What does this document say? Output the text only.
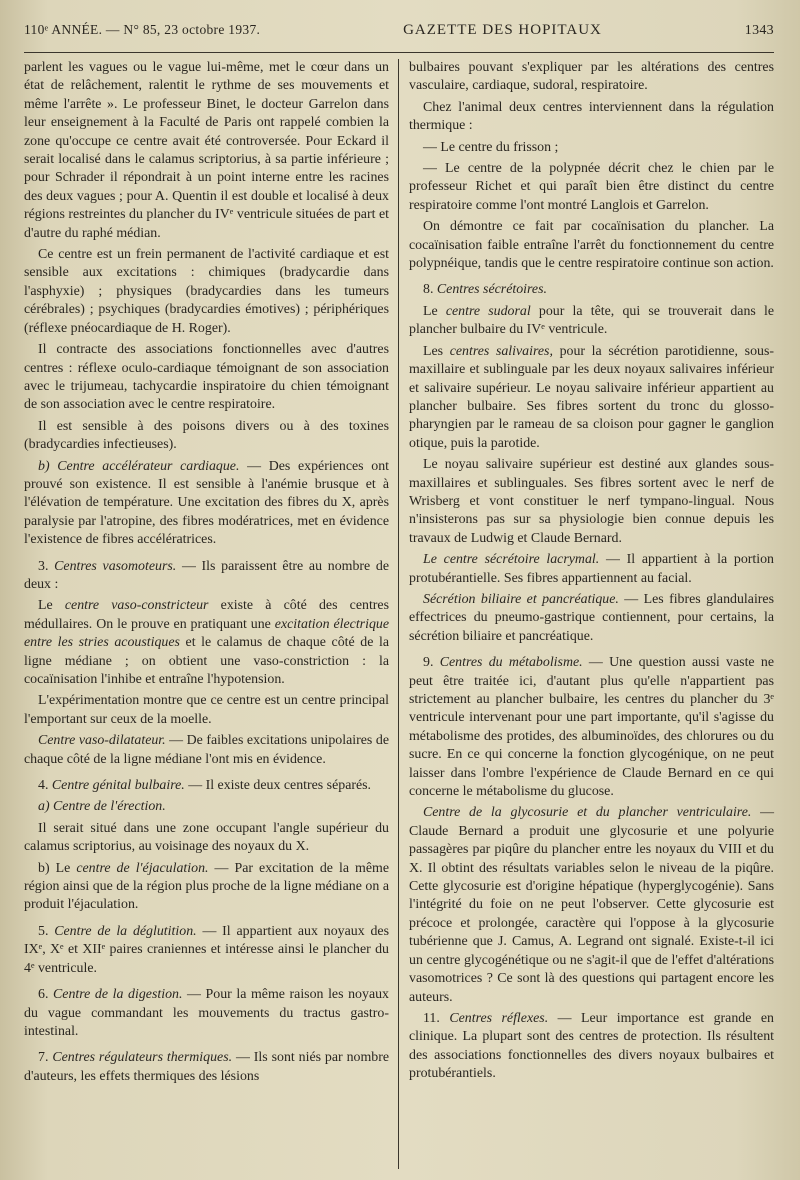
110ᵉ ANNÉE. — N° 85, 23 octobre 1937.	GAZETTE DES HOPITAUX	1343

parlent les vagues ou le vague lui-même, met le cœur dans un état de relâchement, ralentit le rythme de ses mouvements et même l'arrête ». Le professeur Binet, le docteur Garrelon dans leur enseignement à la Faculté de Paris ont rappelé combien la zone qu'occupe ce centre avait été controversée. Pour Eckard il serait localisé dans le calamus scriptorius, à sa partie inférieure ; pour Schrader il répondrait à un point interne entre les racines des deux vagues ; pour A. Quentin il est double et localisé à deux régions restreintes du plancher du IVᵉ ventricule situées de part et d'autre du raphé médian.

Ce centre est un frein permanent de l'activité cardiaque et est sensible aux excitations : chimiques (bradycardie dans l'asphyxie) ; physiques (bradycardies dans les tumeurs cérébrales) ; psychiques (bradycardies émotives) ; périphériques (réflexe pnéocardiaque de H. Roger).

Il contracte des associations fonctionnelles avec d'autres centres : réflexe oculo-cardiaque témoignant de son association avec le trijumeau, tachycardie inspiratoire du chien témoignant de son association avec le centre respiratoire.

Il est sensible à des poisons divers ou à des toxines (bradycardies infectieuses).

b) Centre accélérateur cardiaque. — Des expériences ont prouvé son existence. Il est sensible à l'anémie brusque et à l'élévation de température. Une excitation des fibres du X, après paralysie par l'atropine, des fibres modératrices, met en évidence l'existence de fibres accélératrices.

3. Centres vasomoteurs. — Ils paraissent être au nombre de deux :

Le centre vaso-constricteur existe à côté des centres médullaires. On le prouve en pratiquant une excitation électrique entre les stries acoustiques et le calamus de chaque côté de la ligne médiane ; on obtient une vaso-constriction : la cocaïnisation l'inhibe et entraîne l'hypotension.

L'expérimentation montre que ce centre est un centre principal l'emportant sur ceux de la moelle.

Centre vaso-dilatateur. — De faibles excitations unipolaires de chaque côté de la ligne médiane l'ont mis en évidence.

4. Centre génital bulbaire. — Il existe deux centres séparés.

a) Centre de l'érection.

Il serait situé dans une zone occupant l'angle supérieur du calamus scriptorius, au voisinage des noyaux du X.

b) Le centre de l'éjaculation. — Par excitation de la même région ainsi que de la région plus proche de la ligne médiane on a produit l'éjaculation.

5. Centre de la déglutition. — Il appartient aux noyaux des IXᵉ, Xᵉ et XIIᵉ paires craniennes et intéresse ainsi le plancher du 4ᵉ ventricule.

6. Centre de la digestion. — Pour la même raison les noyaux du vague commandant les mouvements du tractus gastro-intestinal.

7. Centres régulateurs thermiques. — Ils sont niés par nombre d'auteurs, les effets thermiques des lésions

bulbaires pouvant s'expliquer par les altérations des centres vasculaire, cardiaque, sudoral, respiratoire.

Chez l'animal deux centres interviennent dans la régulation thermique :

— Le centre du frisson ;

— Le centre de la polypnée décrit chez le chien par le professeur Richet et qui paraît bien être distinct du centre respiratoire comme l'ont montré Langlois et Garrelon.

On démontre ce fait par cocaïnisation du plancher. La cocaïnisation faible entraîne l'arrêt du fonctionnement du centre polypnéique, tandis que le centre respiratoire continue son action.

8. Centres sécrétoires.

Le centre sudoral pour la tête, qui se trouverait dans le plancher bulbaire du IVᵉ ventricule.

Les centres salivaires, pour la sécrétion parotidienne, sous-maxillaire et sublinguale par les deux noyaux salivaires inférieur et salivaire supérieur. Le noyau salivaire inférieur appartient au plancher bulbaire. Ses fibres sortent du tronc du glosso-pharyngien par le rameau de sa cloison pour gagner le ganglion otique, puis la parotide.

Le noyau salivaire supérieur est destiné aux glandes sous-maxillaires et sublinguales. Ses fibres sortent avec le nerf de Wrisberg et vont constituer le nerf tympano-lingual. Nous n'insisterons pas sur sa physiologie bien connue depuis les travaux de Ludwig et Claude Bernard.

Le centre sécrétoire lacrymal. — Il appartient à la portion protubérantielle. Ses fibres appartiennent au facial.

Sécrétion biliaire et pancréatique. — Les fibres glandulaires effectrices du pneumo-gastrique contiennent, pour certains, la sécrétion biliaire et pancréatique.

9. Centres du métabolisme. — Une question aussi vaste ne peut être traitée ici, d'autant plus qu'elle n'appartient pas strictement au plancher bulbaire, les centres du plancher du 3ᵉ ventricule intervenant pour une part importante, qu'il s'agisse du métabolisme des protides, des albuminoïdes, des chlorures ou du sucre. En ce qui concerne la fonction glycogénique, on ne peut laisser dans l'ombre l'expérience de Claude Bernard en ce qui concerne le métabolisme du glucose.

Centre de la glycosurie et du plancher ventriculaire. — Claude Bernard a produit une glycosurie et une polyurie passagères par piqûre du plancher entre les noyaux du VIII et du X. Il obtint des résultats variables selon le niveau de la piqûre. Cette glycosurie est d'origine hépatique (hyperglycogénie). Sans l'intégrité du foie on ne peut l'observer. Cette glycosurie est précoce et prolongée, caractère qui l'oppose à la glycosurie tubérienne que J. Camus, A. Legrand ont signalé. Existe-t-il ici un centre glycogénétique ou ne s'agit-il que de l'effet d'altérations vasomotrices ? Ce sont là des questions qui partagent encore les auteurs.

11. Centres réflexes. — Leur importance est grande en clinique. La plupart sont des centres de protection. Ils résultent des associations fonctionnelles des divers noyaux bulbaires et protubérantiels.
